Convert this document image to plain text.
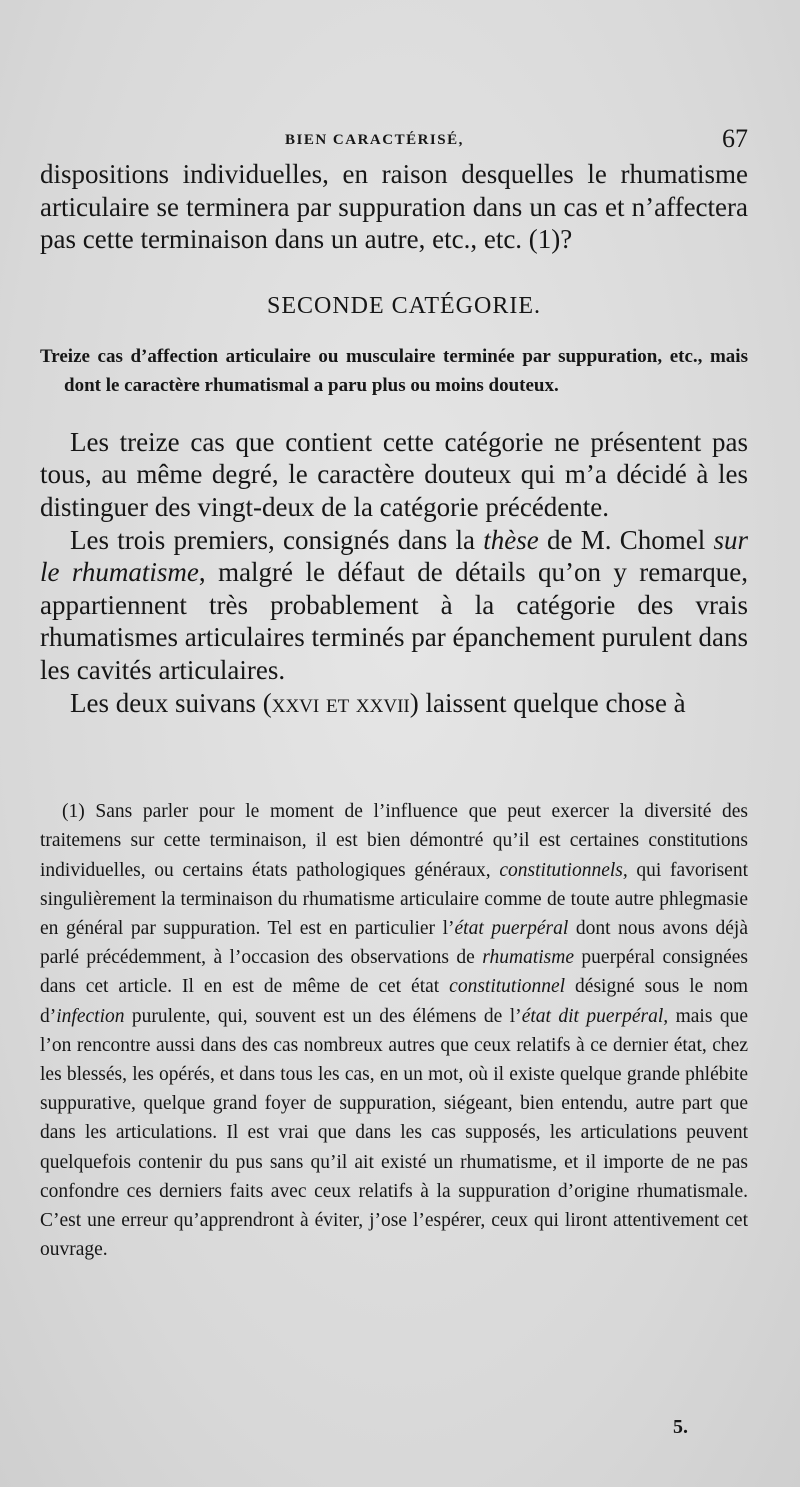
BIEN CARACTÉRISÉ,	67

dispositions individuelles, en raison desquelles le rhumatisme articulaire se terminera par suppuration dans un cas et n’affectera pas cette terminaison dans un autre, etc., etc. (1)?

SECONDE CATÉGORIE.

Treize cas d’affection articulaire ou musculaire terminée par suppuration, etc., mais dont le caractère rhumatismal a paru plus ou moins douteux.

Les treize cas que contient cette catégorie ne présentent pas tous, au même degré, le caractère douteux qui m’a décidé à les distinguer des vingt-deux de la catégorie précédente.

Les trois premiers, consignés dans la thèse de M. Chomel sur le rhumatisme, malgré le défaut de détails qu’on y remarque, appartiennent très probablement à la catégorie des vrais rhumatismes articulaires terminés par épanchement purulent dans les cavités articulaires.

Les deux suivans (xxvi et xxvii) laissent quelque chose à

(1) Sans parler pour le moment de l’influence que peut exercer la diversité des traitemens sur cette terminaison, il est bien démontré qu’il est certaines constitutions individuelles, ou certains états pathologiques généraux, constitutionnels, qui favorisent singulièrement la terminaison du rhumatisme articulaire comme de toute autre phlegmasie en général par suppuration. Tel est en particulier l’état puerpéral dont nous avons déjà parlé précédemment, à l’occasion des observations de rhumatisme puerpéral consignées dans cet article. Il en est de même de cet état constitutionnel désigné sous le nom d’infection purulente, qui, souvent est un des élémens de l’état dit puerpéral, mais que l’on rencontre aussi dans des cas nombreux autres que ceux relatifs à ce dernier état, chez les blessés, les opérés, et dans tous les cas, en un mot, où il existe quelque grande phlébite suppurative, quelque grand foyer de suppuration, siégeant, bien entendu, autre part que dans les articulations. Il est vrai que dans les cas supposés, les articulations peuvent quelquefois contenir du pus sans qu’il ait existé un rhumatisme, et il importe de ne pas confondre ces derniers faits avec ceux relatifs à la suppuration d’origine rhumatismale. C’est une erreur qu’apprendront à éviter, j’ose l’espérer, ceux qui liront attentivement cet ouvrage.

5.
